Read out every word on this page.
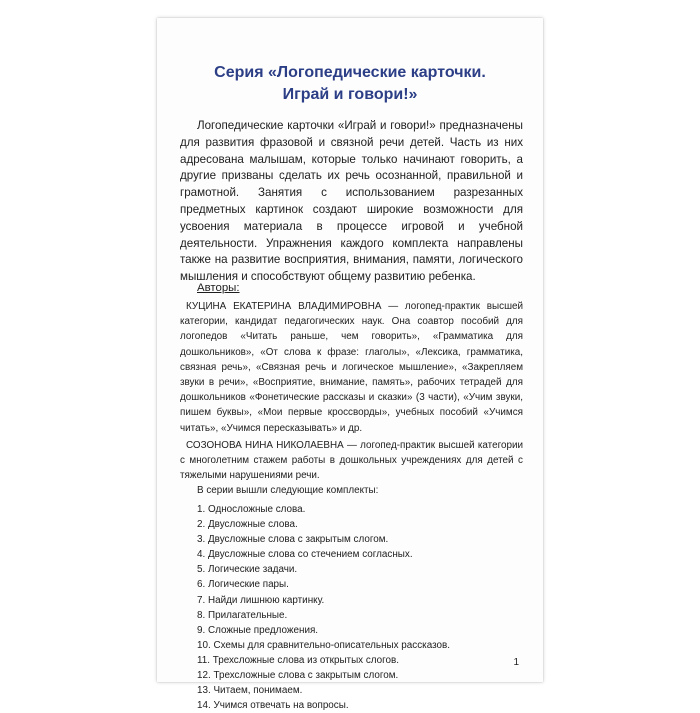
Серия «Логопедические карточки.
Играй и говори!»

Логопедические карточки «Играй и говори!» предназначены для развития фразовой и связной речи детей. Часть из них адресована малышам, которые только начинают говорить, а другие призваны сделать их речь осознанной, правильной и грамотной. Занятия с использованием разрезанных предметных картинок создают широкие возможности для усвоения материала в процессе игровой и учебной деятельности. Упражнения каждого комплекта направлены также на развитие восприятия, внимания, памяти, логического мышления и способствуют общему развитию ребенка.

Авторы:

КУЦИНА ЕКАТЕРИНА ВЛАДИМИРОВНА — логопед-практик высшей категории, кандидат педагогических наук. Она соавтор пособий для логопедов «Читать раньше, чем говорить», «Грамматика для дошкольников», «От слова к фразе: глаголы», «Лексика, грамматика, связная речь», «Связная речь и логическое мышление», «Закрепляем звуки в речи», «Восприятие, внимание, память», рабочих тетрадей для дошкольников «Фонетические рассказы и сказки» (3 части), «Учим звуки, пишем буквы», «Мои первые кроссворды», учебных пособий «Учимся читать», «Учимся пересказывать» и др.

СОЗОНОВА НИНА НИКОЛАЕВНА — логопед-практик высшей категории с многолетним стажем работы в дошкольных учреждениях для детей с тяжелыми нарушениями речи.

В серии вышли следующие комплекты:
1. Односложные слова.
2. Двусложные слова.
3. Двусложные слова с закрытым слогом.
4. Двусложные слова со стечением согласных.
5. Логические задачи.
6. Логические пары.
7. Найди лишнюю картинку.
8. Прилагательные.
9. Сложные предложения.
10. Схемы для сравнительно-описательных рассказов.
11. Трехсложные слова из открытых слогов.
12. Трехсложные слова с закрытым слогом.
13. Читаем, понимаем.
14. Учимся отвечать на вопросы.
1
